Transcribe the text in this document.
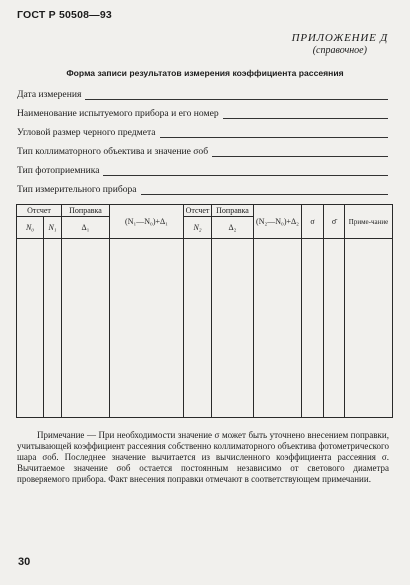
ГОСТ Р 50508—93
ПРИЛОЖЕНИЕ Д
(справочное)
Форма записи результатов измерения коэффициента рассеяния
Дата измерения
Наименование испытуемого прибора и его номер
Угловой размер черного предмета
Тип коллиматорного объектива и значение σоб
Тип фотоприемника
Тип измерительного прибора
Отсчет		Поправка	(N₁—N₀)+Δ₁	Отсчет	Поправка	(N₂—N₀)+Δ₂	σ	σ̄	Приме-чание
N₀	N₁	Δ₁		N₂	Δ₂				

Примечание — При необходимости значение σ может быть уточнено внесением поправки, учитывающей коэффициент рассеяния собственно коллиматорного объектива фотометрического шара σоб. Последнее значение вычитается из вычисленного коэффициента рассеяния σ. Вычитаемое значение σоб остается постоянным независимо от светового диаметра проверяемого прибора. Факт внесения поправки отмечают в соответствующем примечании.

30
